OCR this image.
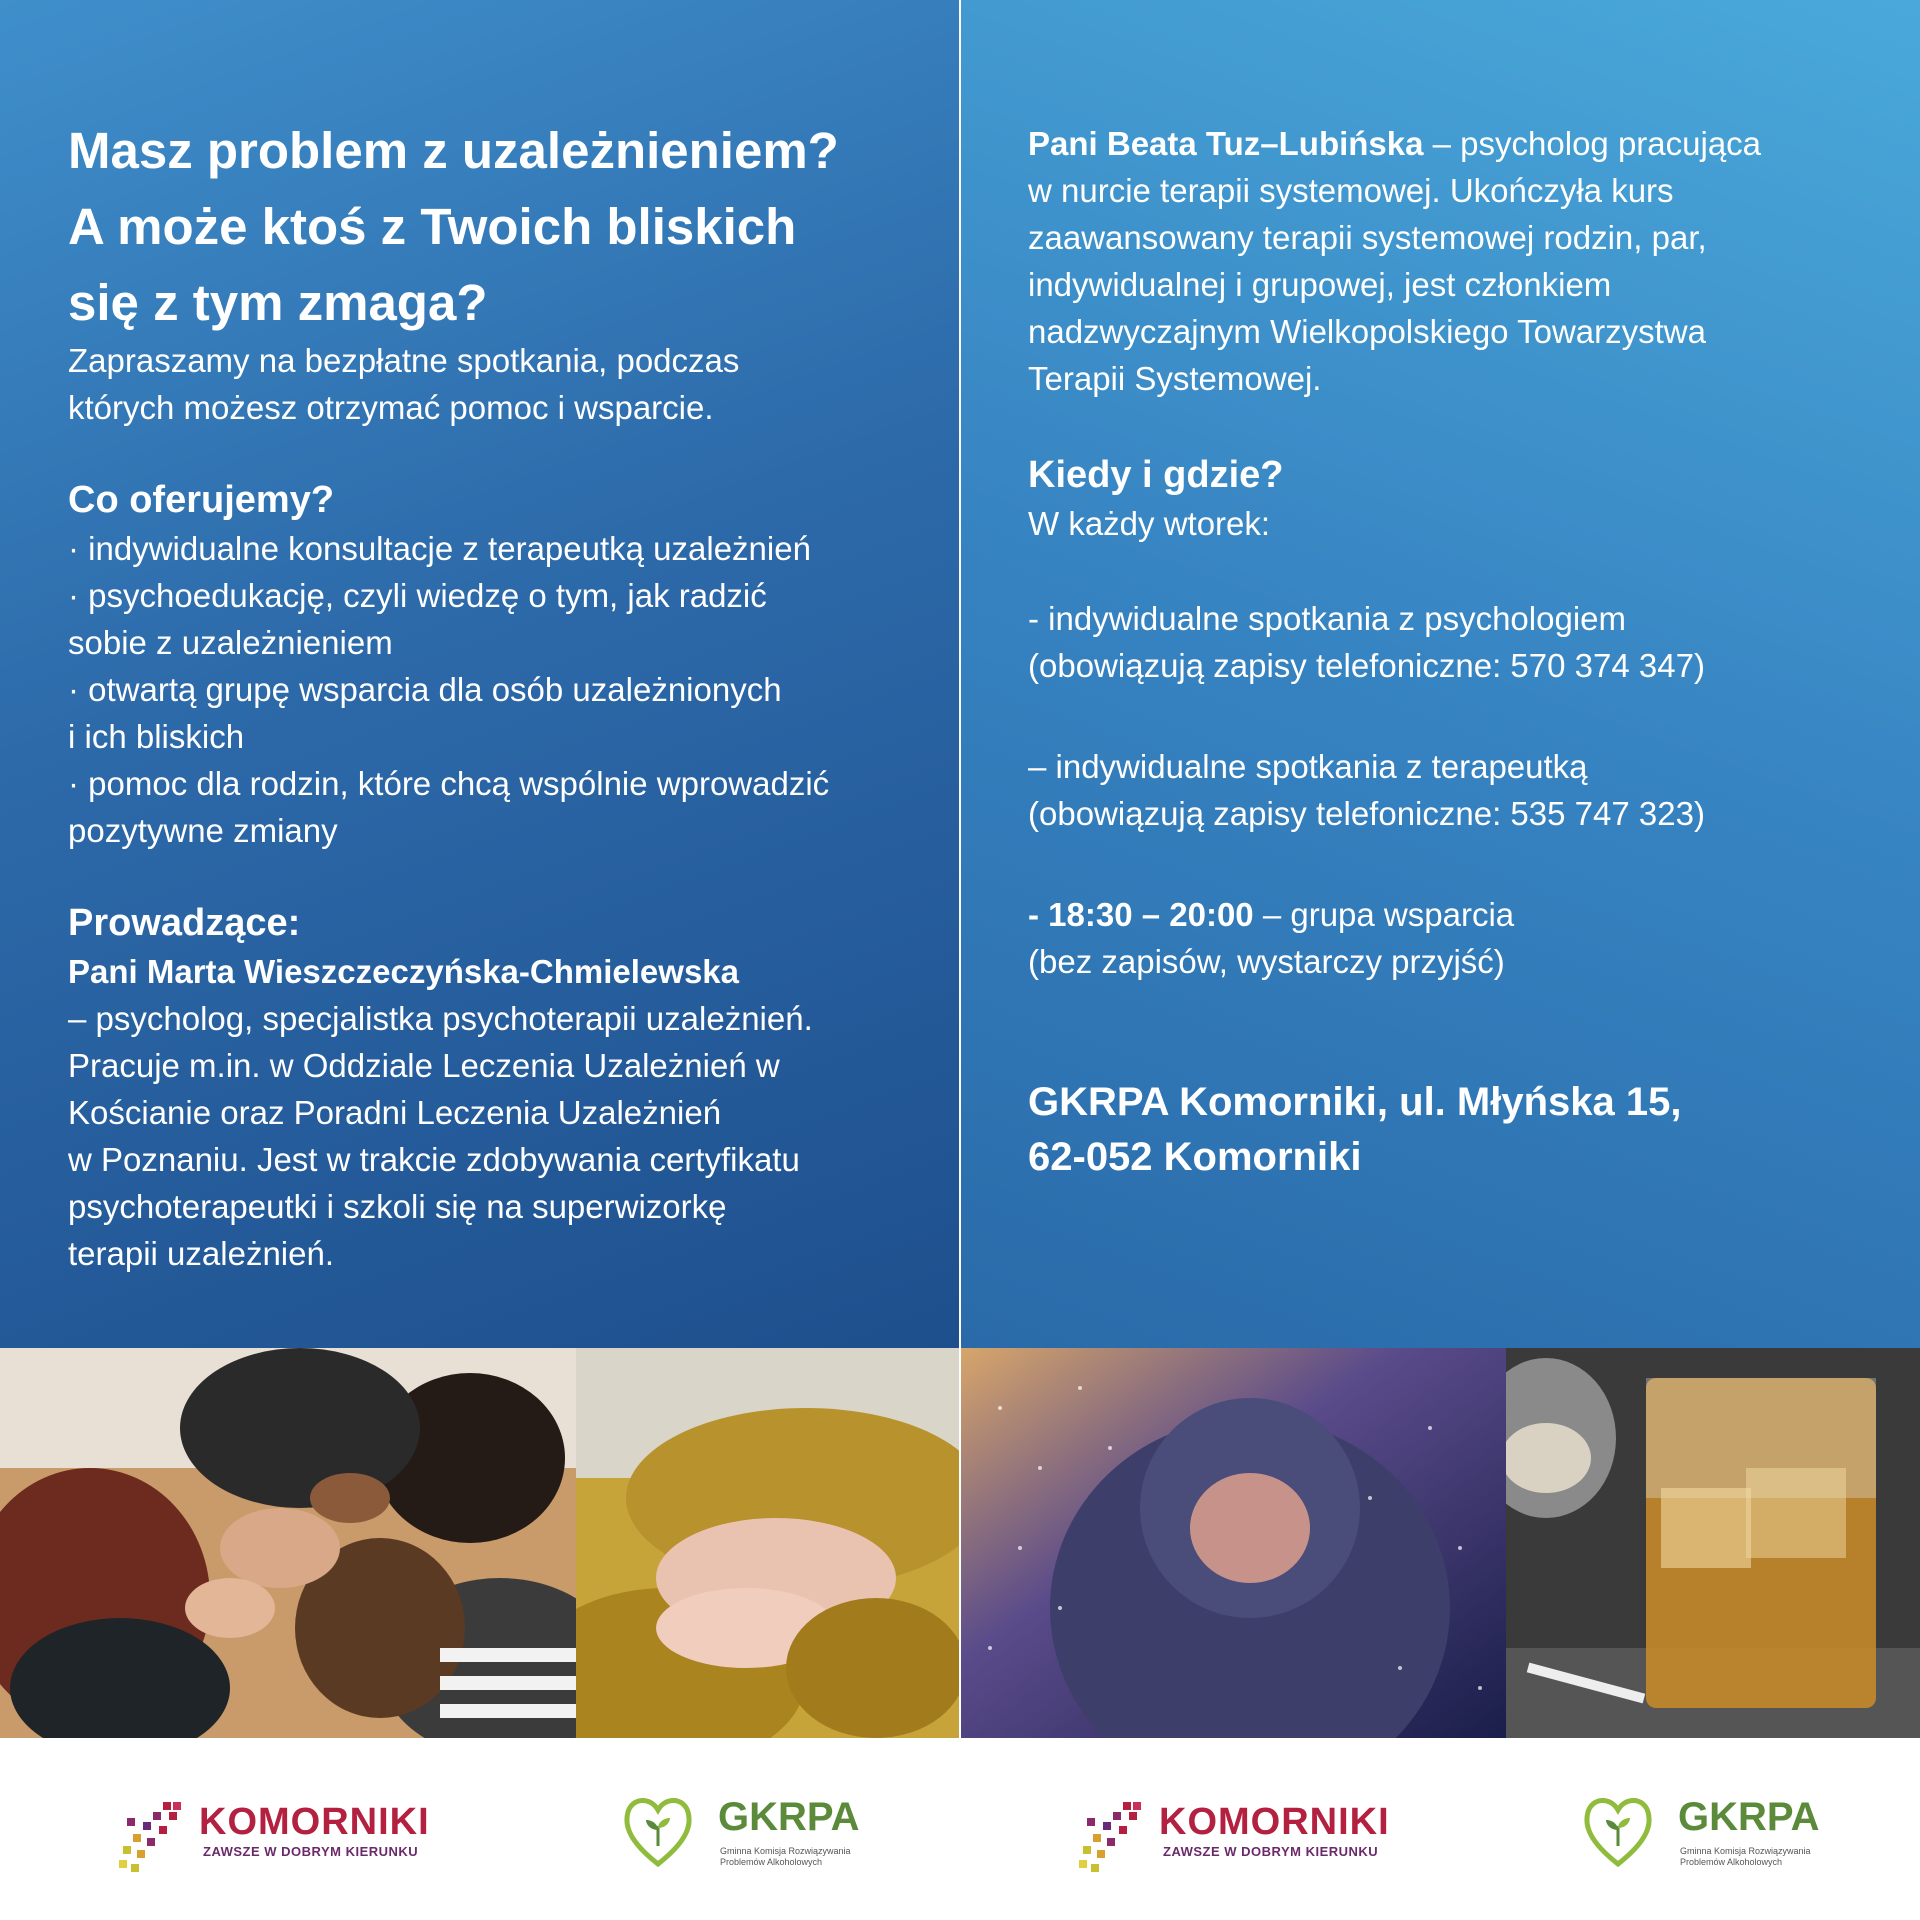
Masz problem z uzależnieniem?

A może ktoś z Twoich bliskich

się z tym zmaga?

Zapraszamy na bezpłatne spotkania, podczas

których możesz otrzymać pomoc i wsparcie.

Co oferujemy?

· indywidualne konsultacje z terapeutką uzależnień

· psychoedukację, czyli wiedzę o tym, jak radzić

sobie z uzależnieniem

· otwartą grupę wsparcia dla osób uzależnionych

i ich bliskich

· pomoc dla rodzin, które chcą wspólnie wprowadzić

pozytywne zmiany

Prowadzące:

Pani Marta Wieszczeczyńska-Chmielewska

– psycholog, specjalistka psychoterapii uzależnień.

Pracuje m.in. w Oddziale Leczenia Uzależnień w

Kościanie oraz Poradni Leczenia Uzależnień

w Poznaniu. Jest w trakcie zdobywania certyfikatu

psychoterapeutki i szkoli się na superwizorkę

terapii uzależnień.

Pani Beata Tuz–Lubińska – psycholog pracująca

w nurcie terapii systemowej. Ukończyła kurs

zaawansowany terapii systemowej rodzin, par,

indywidualnej i grupowej, jest członkiem

nadzwyczajnym Wielkopolskiego Towarzystwa

Terapii Systemowej.

Kiedy i gdzie?

W każdy wtorek:

- indywidualne spotkania z psychologiem

(obowiązują zapisy telefoniczne: 570 374 347)

– indywidualne spotkania z terapeutką

(obowiązują zapisy telefoniczne: 535 747 323)

- 18:30 – 20:00 – grupa wsparcia

(bez zapisów, wystarczy przyjść)

GKRPA Komorniki, ul. Młyńska 15,

62-052 Komorniki

KOMORNIKI
ZAWSZE W DOBRYM KIERUNKU
GKRPA
Gminna Komisja Rozwiązywania
Problemów Alkoholowych
KOMORNIKI
ZAWSZE W DOBRYM KIERUNKU
GKRPA
Gminna Komisja Rozwiązywania
Problemów Alkoholowych
